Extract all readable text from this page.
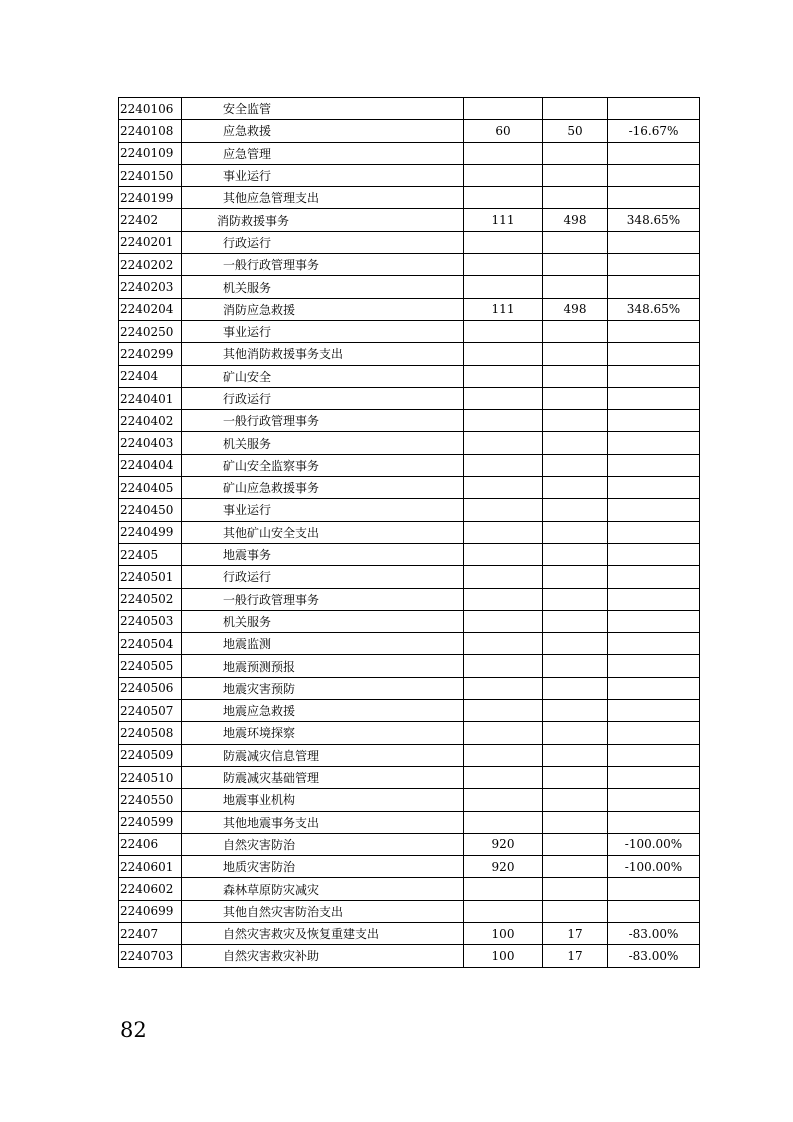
2240106	安全监管			
2240108	应急救援	60	50	-16.67%
2240109	应急管理			
2240150	事业运行			
2240199	其他应急管理支出			
22402	消防救援事务	111	498	348.65%
2240201	行政运行			
2240202	一般行政管理事务			
2240203	机关服务			
2240204	消防应急救援	111	498	348.65%
2240250	事业运行			
2240299	其他消防救援事务支出			
22404	矿山安全			
2240401	行政运行			
2240402	一般行政管理事务			
2240403	机关服务			
2240404	矿山安全监察事务			
2240405	矿山应急救援事务			
2240450	事业运行			
2240499	其他矿山安全支出			
22405	地震事务			
2240501	行政运行			
2240502	一般行政管理事务			
2240503	机关服务			
2240504	地震监测			
2240505	地震预测预报			
2240506	地震灾害预防			
2240507	地震应急救援			
2240508	地震环境探察			
2240509	防震减灾信息管理			
2240510	防震减灾基础管理			
2240550	地震事业机构			
2240599	其他地震事务支出			
22406	自然灾害防治	920		-100.00%
2240601	地质灾害防治	920		-100.00%
2240602	森林草原防灾减灾			
2240699	其他自然灾害防治支出			
22407	自然灾害救灾及恢复重建支出	100	17	-83.00%
2240703	自然灾害救灾补助	100	17	-83.00%
82
